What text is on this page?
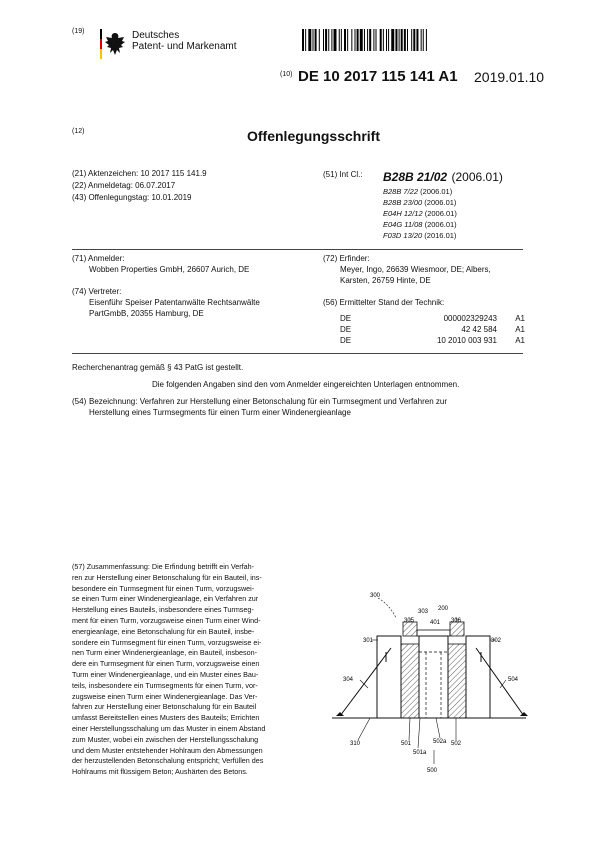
(19)	Deutsches
Patent- und Markenamt
(10) DE 10 2017 115 141 A1 2019.01.10
(12)	Offenlegungsschrift
(21) Aktenzeichen: 10 2017 115 141.9
(22) Anmeldetag: 06.07.2017
(43) Offenlegungstag: 10.01.2019
(51) Int Cl.: B28B 21/02 (2006.01)
B28B 7/22 (2006.01)
B28B 23/00 (2006.01)
E04H 12/12 (2006.01)
E04G 11/08 (2006.01)
F03D 13/20 (2016.01)
(71) Anmelder:
Wobben Properties GmbH, 26607 Aurich, DE
(74) Vertreter:
Eisenführ Speiser Patentanwälte Rechtsanwälte
PartGmbB, 20355 Hamburg, DE
(72) Erfinder:
Meyer, Ingo, 26639 Wiesmoor, DE; Albers,
Karsten, 26759 Hinte, DE
(56) Ermittelter Stand der Technik:
DE	000002329243 A1
DE	42 42 584 A1
DE	10 2010 003 931 A1
Recherchenantrag gemäß § 43 PatG ist gestellt.
Die folgenden Angaben sind den vom Anmelder eingereichten Unterlagen entnommen.
(54) Bezeichnung: Verfahren zur Herstellung einer Betonschalung für ein Turmsegment und Verfahren zur
Herstellung eines Turmsegments für einen Turm einer Windenergieanlage

(57) Zusammenfassung: Die Erfindung betrifft ein Verfah-

ren zur Herstellung einer Betonschalung für ein Bauteil, ins-

besondere ein Turmsegment für einen Turm, vorzugswei-

se einen Turm einer Windenergieanlage, ein Verfahren zur

Herstellung eines Bauteils, insbesondere eines Turmseg-

ment für einen Turm, vorzugsweise einen Turm einer Wind-

energieanlage, eine Betonschalung für ein Bauteil, insbe-

sondere ein Turmsegment für einen Turm, vorzugsweise ei-

nen Turm einer Windenergieanlage, ein Bauteil, insbeson-

dere ein Turmsegment für einen Turm, vorzugsweise einen

Turm einer Windenergieanlage, und ein Muster eines Bau-

teils, insbesondere ein Turmsegments für einen Turm, vor-

zugsweise einen Turm einer Windenergieanlage. Das Ver-

fahren zur Herstellung einer Betonschalung für ein Bauteil

umfasst Bereitstellen eines Musters des Bauteils; Errichten

einer Herstellungsschalung um das Muster in einem Abstand

zum Muster, wobei ein zwischen der Herstellungsschalung

und dem Muster entstehender Hohlraum den Abmessungen

der herzustellenden Betonschalung entspricht; Verfüllen des

Hohlraums mit flüssigem Beton; Aushärten des Betons.

300
301	302
303 200
305	306
401
304	504
310	501
501a
502a 502
500
